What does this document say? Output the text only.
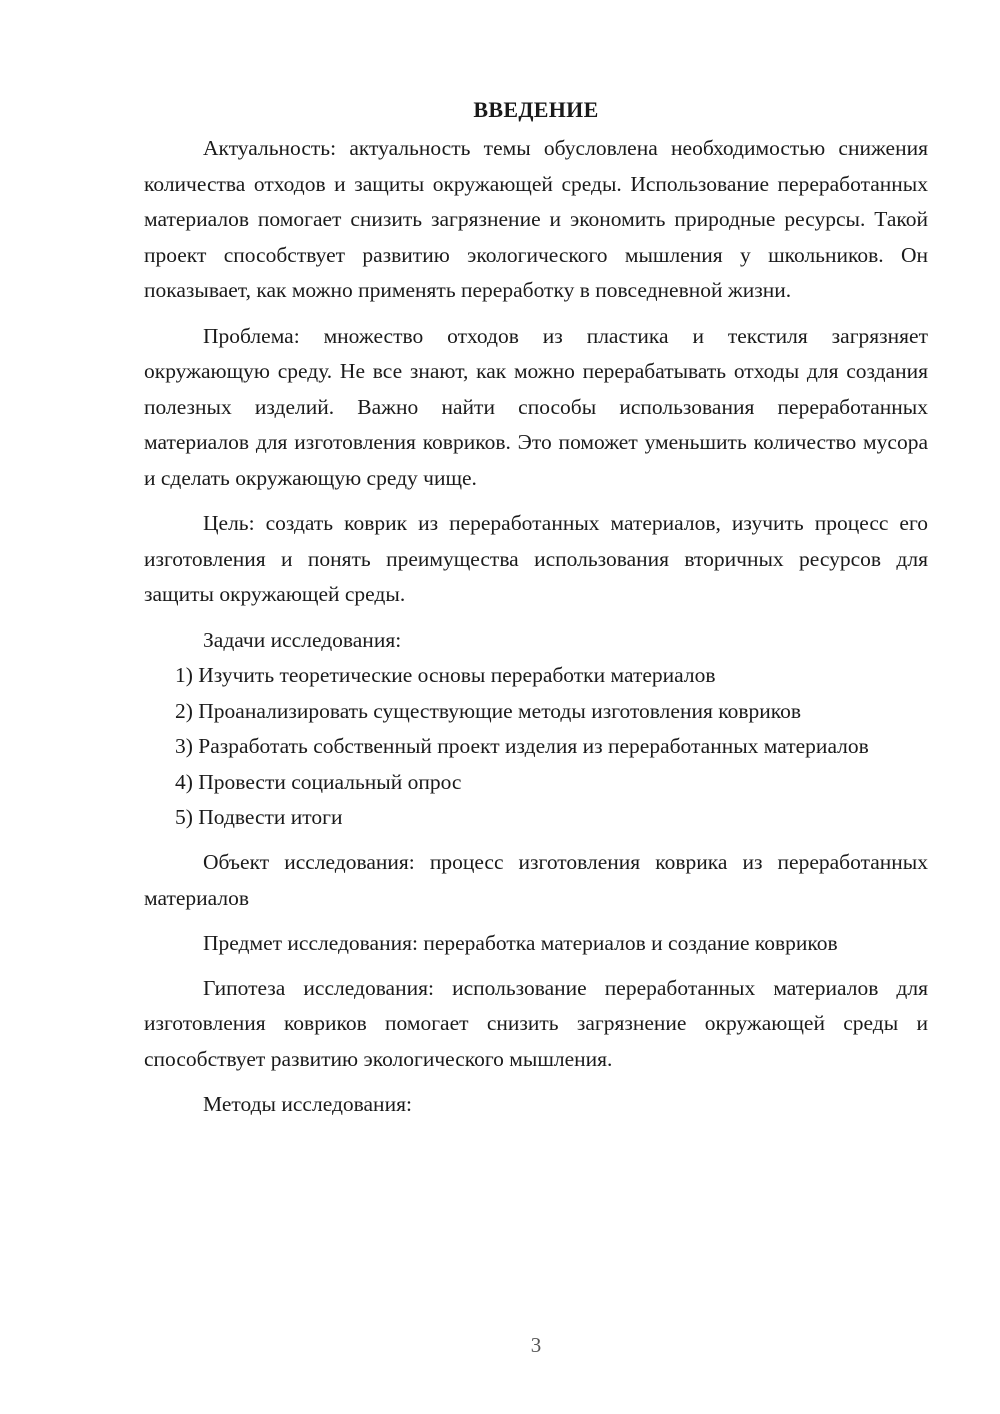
ВВЕДЕНИЕ

Актуальность: актуальность темы обусловлена необходимостью снижения количества отходов и защиты окружающей среды. Использование переработанных материалов помогает снизить загрязнение и экономить природные ресурсы. Такой проект способствует развитию экологического мышления у школьников. Он показывает, как можно применять переработку в повседневной жизни.

Проблема: множество отходов из пластика и текстиля загрязняет окружающую среду. Не все знают, как можно перерабатывать отходы для создания полезных изделий. Важно найти способы использования переработанных материалов для изготовления ковриков. Это поможет уменьшить количество мусора и сделать окружающую среду чище.

Цель: создать коврик из переработанных материалов, изучить процесс его изготовления и понять преимущества использования вторичных ресурсов для защиты окружающей среды.

Задачи исследования:

1) Изучить теоретические основы переработки материалов

2) Проанализировать существующие методы изготовления ковриков

3) Разработать собственный проект изделия из переработанных материалов

4) Провести социальный опрос

5) Подвести итоги

Объект исследования: процесс изготовления коврика из переработанных материалов

Предмет исследования: переработка материалов и создание ковриков

Гипотеза исследования: использование переработанных материалов для изготовления ковриков помогает снизить загрязнение окружающей среды и способствует развитию экологического мышления.

Методы исследования:

3
